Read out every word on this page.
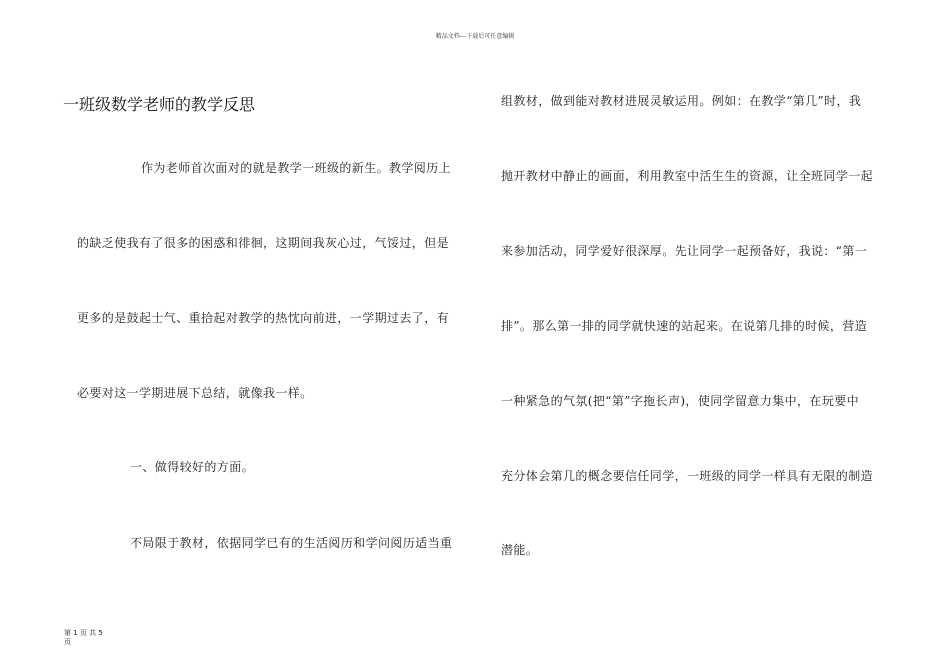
精品文档---下载后可任意编辑
一班级数学老师的教学反思
作为老师首次面对的就是教学一班级的新生。教学阅历上
的缺乏使我有了很多的困惑和徘徊，这期间我灰心过，气馁过，但是
更多的是鼓起士气、重拾起对教学的热忱向前进，一学期过去了，有
必要对这一学期进展下总结，就像我一样。
一、做得较好的方面。
不局限于教材，依据同学已有的生活阅历和学问阅历适当重
组教材，做到能对教材进展灵敏运用。例如：在教学“第几”时，我
抛开教材中静止的画面，利用教室中活生生的资源，让全班同学一起
来参加活动，同学爱好很深厚。先让同学一起预备好，我说：“第一
排”。那么第一排的同学就快速的站起来。在说第几排的时候，营造
一种紧急的气氛(把“第”字拖长声)，使同学留意力集中，在玩要中
充分体会第几的概念要信任同学，一班级的同学一样具有无限的制造
潜能。
第 1 页 共 5
页
